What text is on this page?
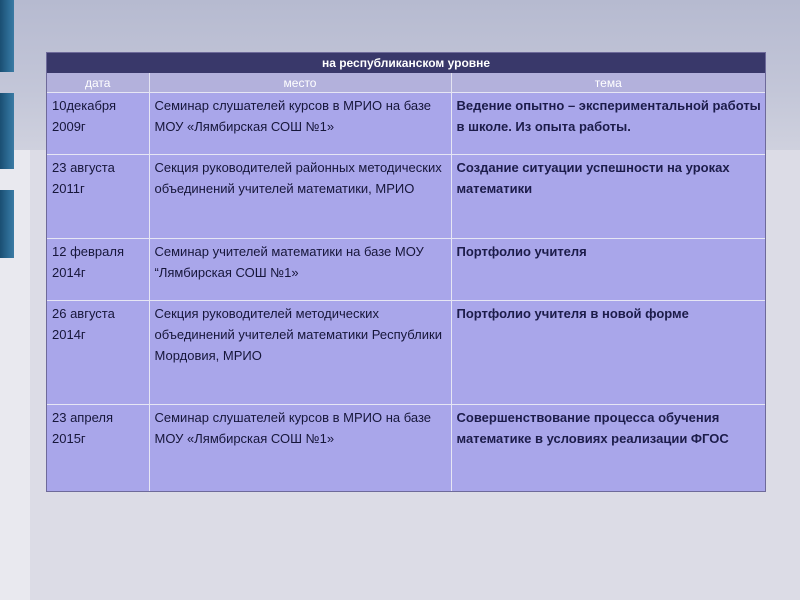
на республиканском уровне		
дата	место	тема
10декабря 2009г	Семинар слушателей курсов в МРИО на базе МОУ «Лямбирская СОШ №1»	Ведение опытно – экспериментальной работы в школе. Из опыта работы.
23 августа 2011г	Секция руководителей районных методических объединений учителей математики, МРИО	Создание ситуации успешности на уроках математики
12 февраля 2014г	Семинар учителей математики на базе МОУ “Лямбирская СОШ №1»	Портфолио учителя
26 августа 2014г	Секция руководителей методических объединений учителей математики Республики Мордовия, МРИО	Портфолио учителя в новой форме
23 апреля 2015г	Семинар слушателей курсов в МРИО на базе МОУ «Лямбирская СОШ №1»	Совершенствование процесса обучения математике в условиях реализации ФГОС
